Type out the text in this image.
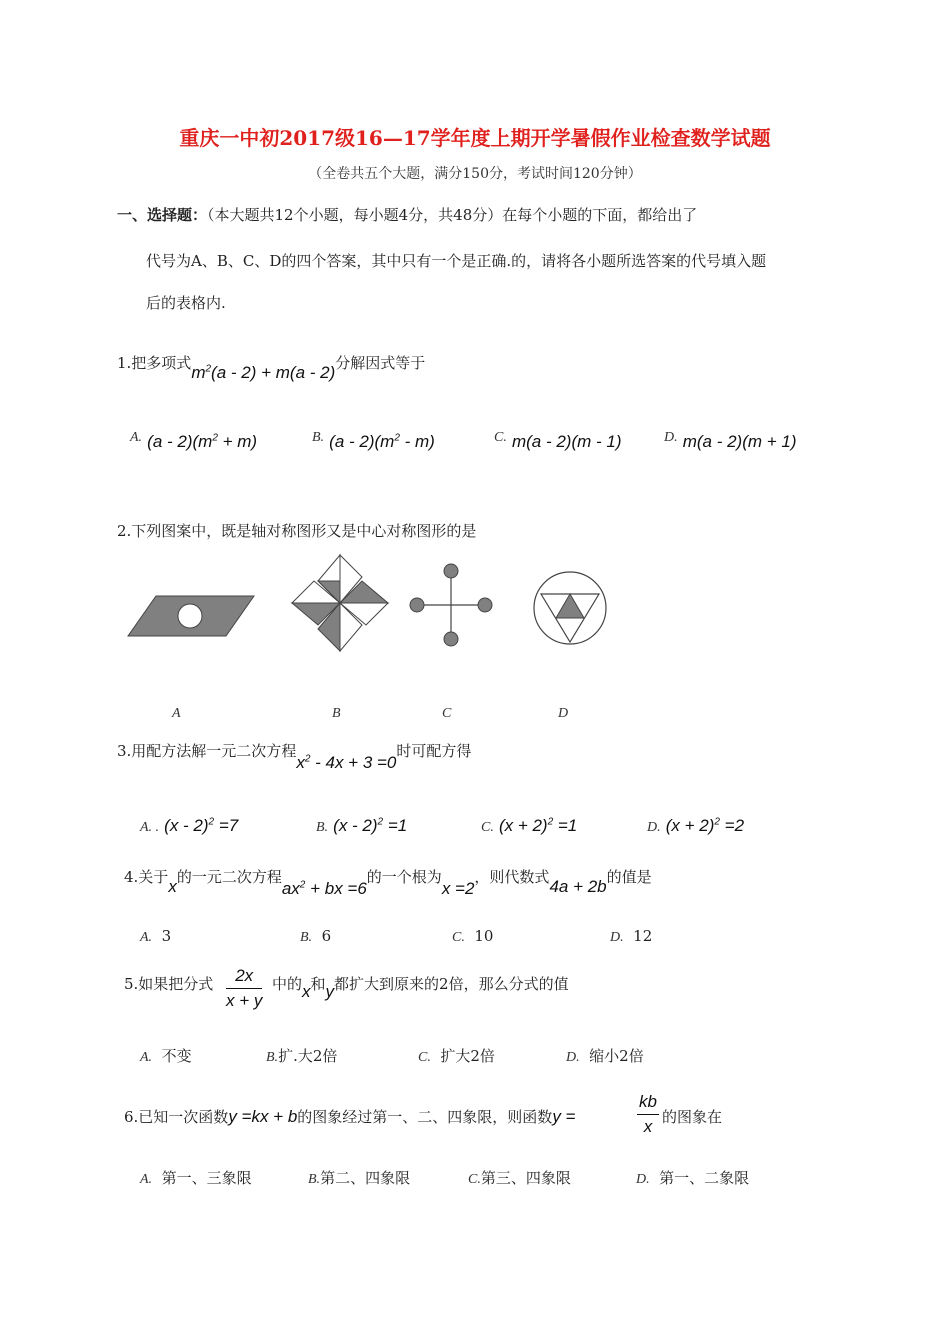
重庆一中初2017级16—17学年度上期开学暑假作业检查数学试题
（全卷共五个大题，满分150分，考试时间120分钟）
一、选择题：（本大题共12个小题，每小题4分，共48分）在每个小题的下面，都给出了
代号为A、B、C、D的四个答案，其中只有一个是正确.的，请将各小题所选答案的代号填入题
后的表格内.
1.把多项式$m^2(a - 2) + m(a - 2)$分解因式等于
A. $(a - 2)(m^2 + m)$	B. $(a - 2)(m^2 - m)$	C. m(a - 2)(m - 1)	D. m(a - 2)(m + 1)
2.下列图案中，既是轴对称图形又是中心对称图形的是
A	B	C	D
3.用配方法解一元二次方程$x^2 - 4x + 3 =0$时可配方得
A. . (x - 2)$^2$ =7	B. (x - 2)$^2$ =1	C. $(x + 2)^2 =1$	D. $(x + 2)^2 =2$
4.关于x的一元二次方程$ax^2$ + bx =6的一个根为x =2，则代数式4a + 2b的值是
A. 3	B. 6	C. 10	D. 12
5.如果把分式 $\frac{2x}{x + y}$ 中的x和y都扩大到原来的2倍，那么分式的值
A. 不变	B.扩.大2倍	C. 扩大2倍	D. 缩小2倍
6.已知一次函数y =kx + b的图象经过第一、二、四象限，则函数y =	$\frac{kb}{x}$ 的图象在
A. 第一、三象限	B.第二、四象限	C.第三、四象限	D. 第一、二象限
